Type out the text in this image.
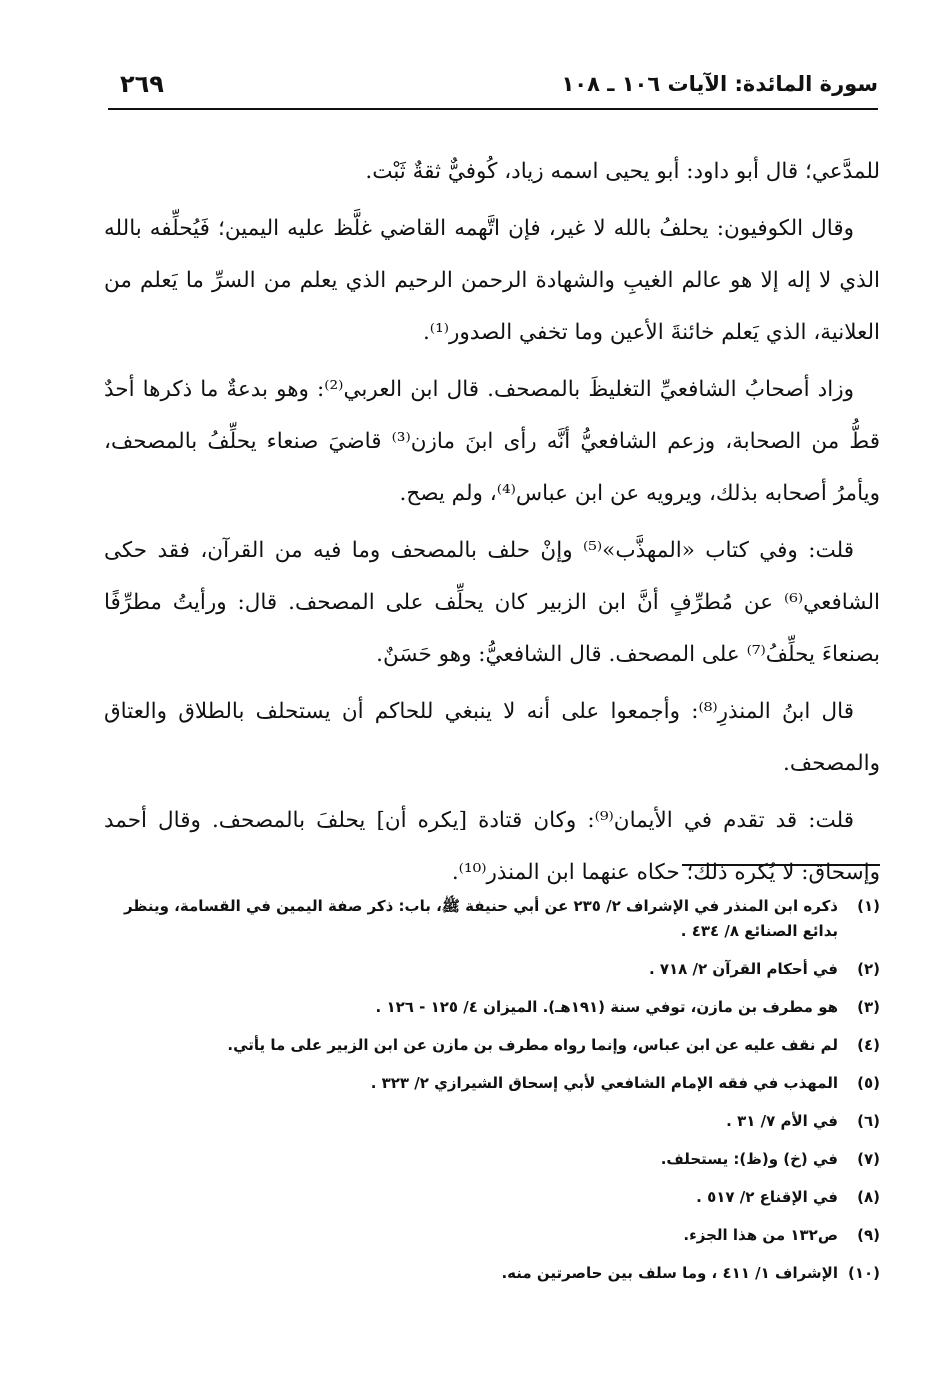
سورة المائدة: الآيات ١٠٦ ـ ١٠٨
٢٦٩

للمدَّعي؛ قال أبو داود: أبو يحيى اسمه زياد، كُوفيٌّ ثقةٌ ثَبْت.

وقال الكوفيون: يحلفُ بالله لا غير، فإن اتَّهمه القاضي غلَّظ عليه اليمين؛ فَيُحلِّفه بالله الذي لا إله إلا هو عالم الغيبِ والشهادة الرحمن الرحيم الذي يعلم من السرِّ ما يَعلم من العلانية، الذي يَعلم خائنةَ الأعين وما تخفي الصدور⁽¹⁾.

وزاد أصحابُ الشافعيِّ التغليظَ بالمصحف. قال ابن العربي⁽²⁾: وهو بدعةٌ ما ذكرها أحدٌ قطُّ من الصحابة، وزعم الشافعيُّ أنَّه رأى ابنَ مازن⁽³⁾ قاضيَ صنعاء يحلِّفُ بالمصحف، ويأمرُ أصحابه بذلك، ويرويه عن ابن عباس⁽⁴⁾، ولم يصح.

قلت: وفي كتاب «المهذَّب»⁽⁵⁾ وإنْ حلف بالمصحف وما فيه من القرآن، فقد حكى الشافعي⁽⁶⁾ عن مُطرِّفٍ أنَّ ابن الزبير كان يحلِّف على المصحف. قال: ورأيتُ مطرِّفًا بصنعاءَ يحلِّفُ⁽⁷⁾ على المصحف. قال الشافعيُّ: وهو حَسَنٌ.

قال ابنُ المنذرِ⁽⁸⁾: وأجمعوا على أنه لا ينبغي للحاكم أن يستحلف بالطلاق والعتاق والمصحف.

قلت: قد تقدم في الأيمان⁽⁹⁾: وكان قتادة [يكره أن] يحلفَ بالمصحف. وقال أحمد وإسحاق: لا يُكره ذلك؛ حكاه عنهما ابن المنذر⁽¹⁰⁾.

(١)
ذكره ابن المنذر في الإشراف ٢/ ٢٣٥ عن أبي حنيفة ﷺ، باب: ذكر صفة اليمين في القسامة، وينظر بدائع الصنائع ٨/ ٤٣٤ .
(٢)
في أحكام القرآن ٢/ ٧١٨ .
(٣)
هو مطرف بن مازن، توفي سنة (١٩١هـ). الميزان ٤/ ١٢٥ - ١٢٦ .
(٤)
لم نقف عليه عن ابن عباس، وإنما رواه مطرف بن مازن عن ابن الزبير على ما يأتي.
(٥)
المهذب في فقه الإمام الشافعي لأبي إسحاق الشيرازي ٢/ ٣٢٣ .
(٦)
في الأم ٧/ ٣١ .
(٧)
في (خ) و(ظ): يستحلف.
(٨)
في الإقناع ٢/ ٥١٧ .
(٩)
ص١٣٢ من هذا الجزء.
(١٠)
الإشراف ١/ ٤١١ ، وما سلف بين حاصرتين منه.
